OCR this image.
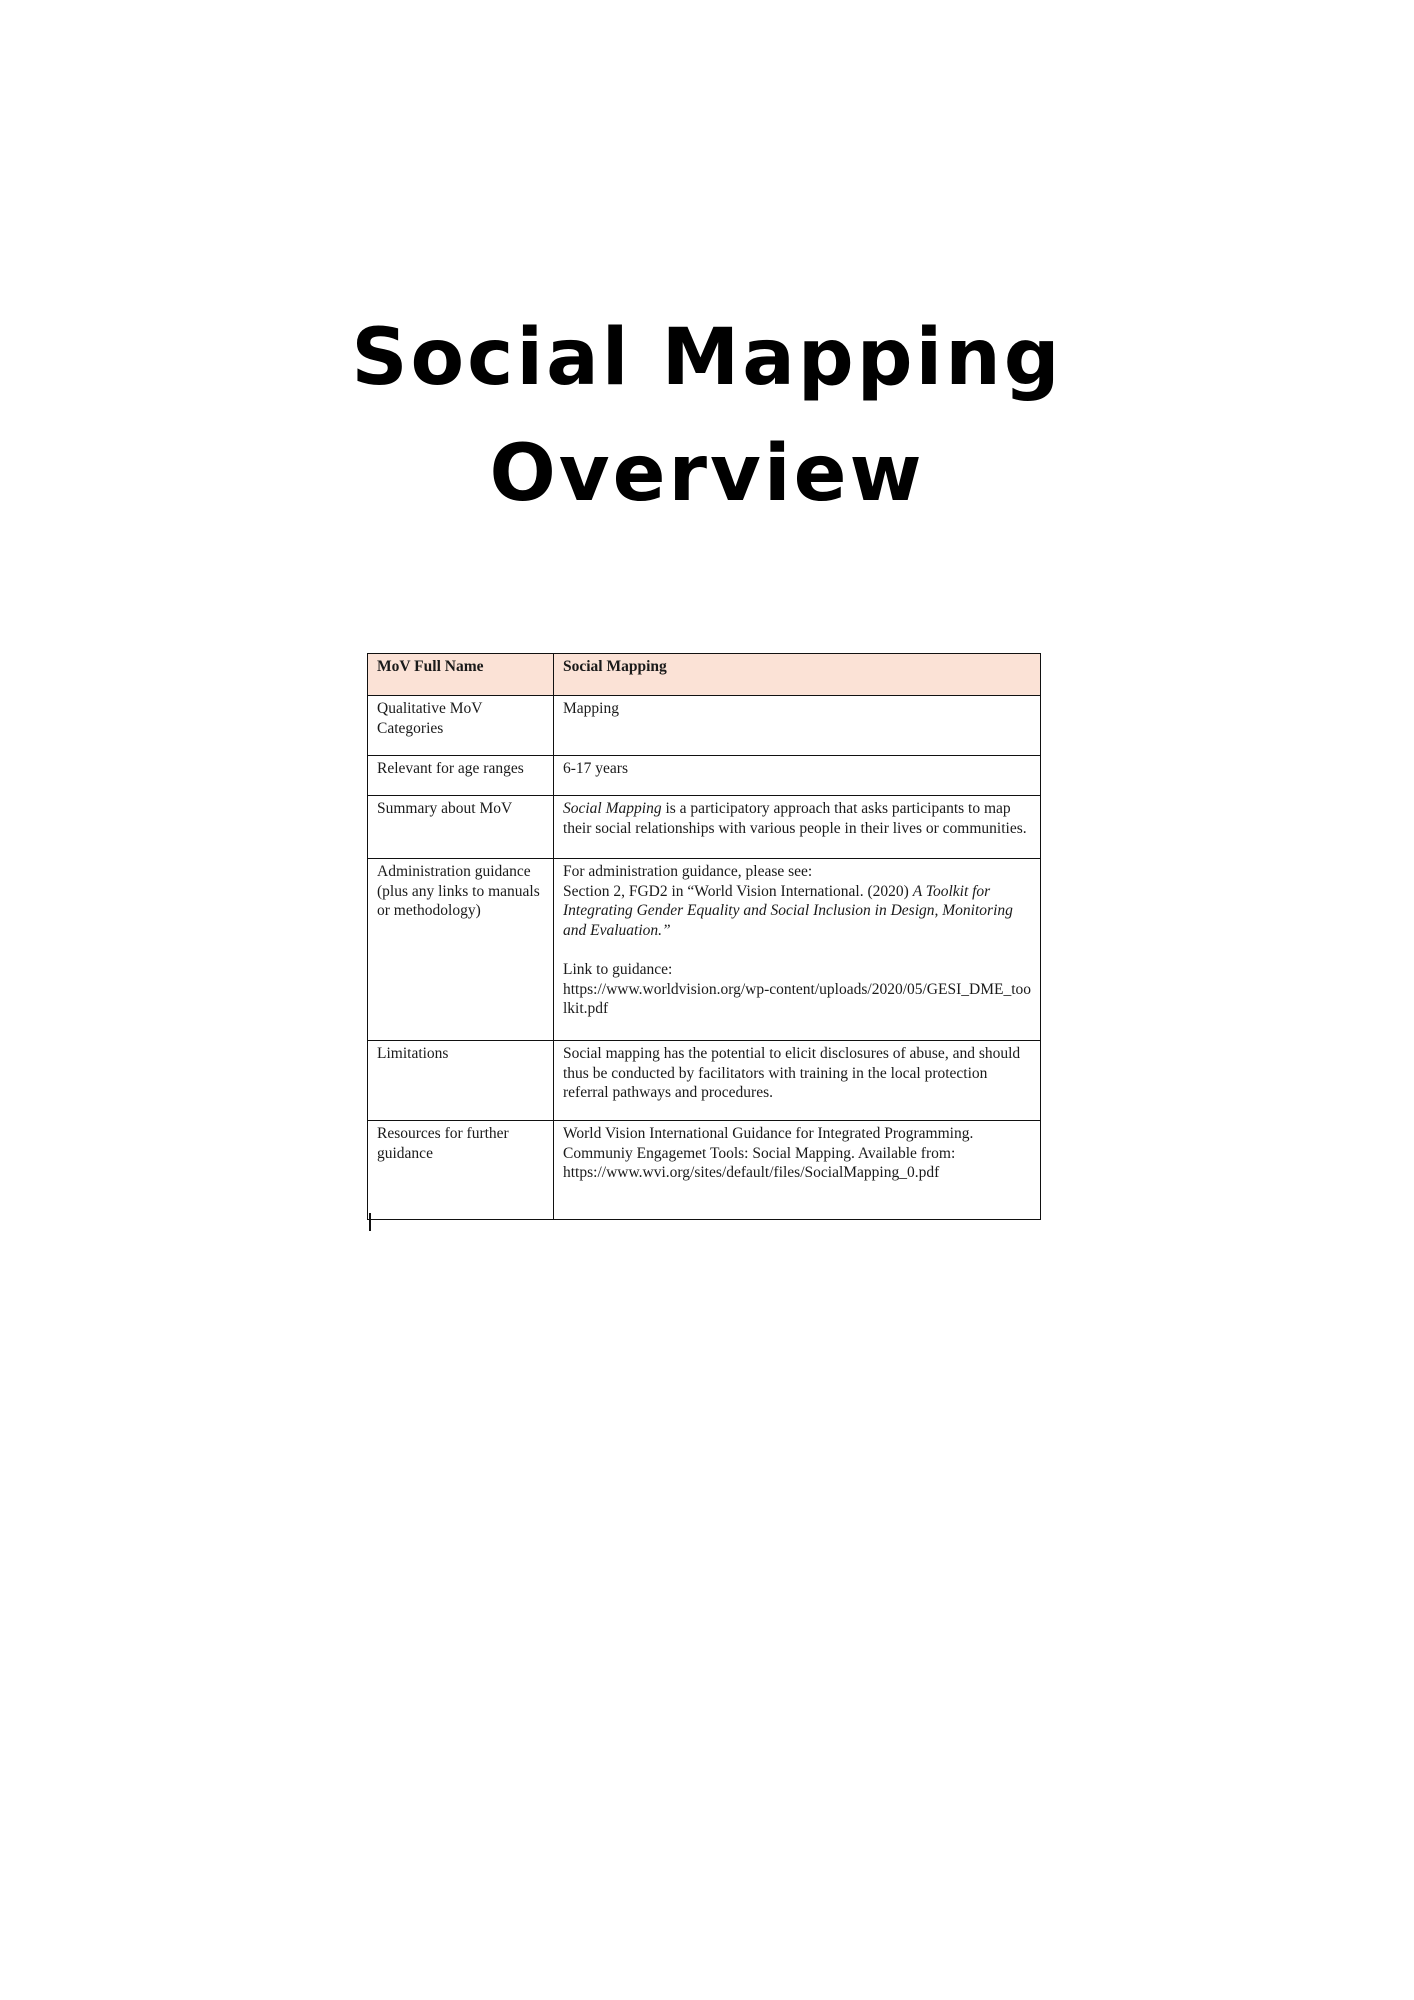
Social Mapping
Overview
MoV Full Name	Social Mapping
Qualitative MoV Categories	Mapping
Relevant for age ranges	6-17 years
Summary about MoV	Social Mapping is a participatory approach that asks participants to map their social relationships with various people in their lives or communities.
Administration guidance (plus any links to manuals or methodology)	For administration guidance, please see:
Section 2, FGD2 in “World Vision International. (2020) A Toolkit for Integrating Gender Equality and Social Inclusion in Design, Monitoring and Evaluation.”
Link to guidance:
https://www.worldvision.org/wp-content/uploads/2020/05/GESI_DME_toolkit.pdf

Limitations	Social mapping has the potential to elicit disclosures of abuse, and should thus be conducted by facilitators with training in the local protection referral pathways and procedures.
Resources for further guidance	World Vision International Guidance for Integrated Programming. Communiy Engagemet Tools: Social Mapping. Available from: https://www.wvi.org/sites/default/files/SocialMapping_0.pdf
